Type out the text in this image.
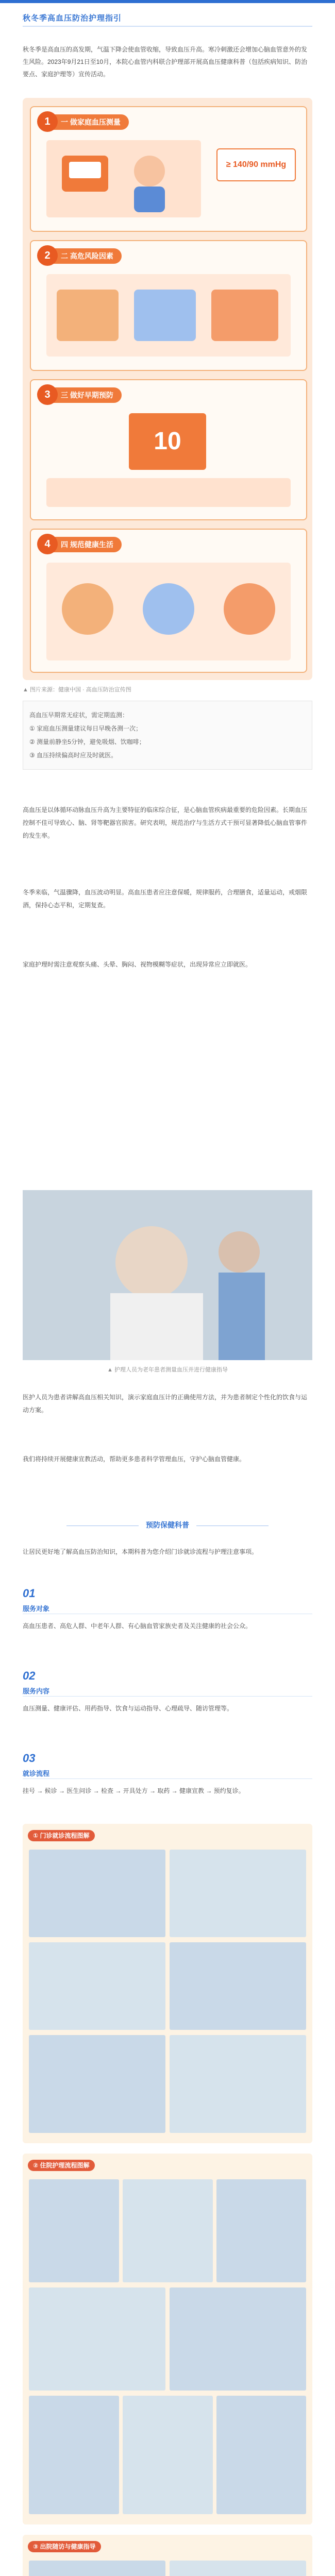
秋冬季高血压防治护理指引
秋冬季是高血压的高发期，气温下降会使血管收缩，导致血压升高。寒冷刺激还会增加心脑血管意外的发生风险。2023年9月21日至10月，本院心血管内科联合护理部开展高血压健康科普（包括疾病知识、防治要点、家庭护理等）宣传活动。
1	一 做家庭血压测量
≥ 140/90 mmHg
2	二 高危风险因素
3	三 做好早期预防
10
4	四 规范健康生活
▲ 图片来源：健康中国 · 高血压防治宣传图
高血压早期常无症状，需定期监测：
① 家庭血压测量建议每日早晚各测一次；
② 测量前静坐5分钟，避免吸烟、饮咖啡；
③ 血压持续偏高时应及时就医。
高血压是以体循环动脉血压升高为主要特征的临床综合征，是心脑血管疾病最重要的危险因素。长期血压控制不佳可导致心、脑、肾等靶器官损害。研究表明，规范治疗与生活方式干预可显著降低心脑血管事件的发生率。
冬季来临，气温骤降，血压波动明显。高血压患者应注意保暖，规律服药，合理膳食，适量运动，戒烟限酒，保持心态平和，定期复查。
家庭护理时需注意观察头痛、头晕、胸闷、视物模糊等症状，出现异常应立即就医。
▲ 护理人员为老年患者测量血压并进行健康指导
医护人员为患者讲解高血压相关知识，演示家庭血压计的正确使用方法，并为患者制定个性化的饮食与运动方案。
我们将持续开展健康宣教活动，帮助更多患者科学管理血压，守护心脑血管健康。
预防保健科普
让居民更好地了解高血压防治知识，本期科普为您介绍门诊就诊流程与护理注意事项。
01
服务对象
高血压患者、高危人群、中老年人群、有心脑血管家族史者及关注健康的社会公众。
02
服务内容
血压测量、健康评估、用药指导、饮食与运动指导、心理疏导、随访管理等。
03
就诊流程
挂号 → 候诊 → 医生问诊 → 检查 → 开具处方 → 取药 → 健康宣教 → 预约复诊。
① 门诊就诊流程图解
② 住院护理流程图解
③ 出院随访与健康指导
